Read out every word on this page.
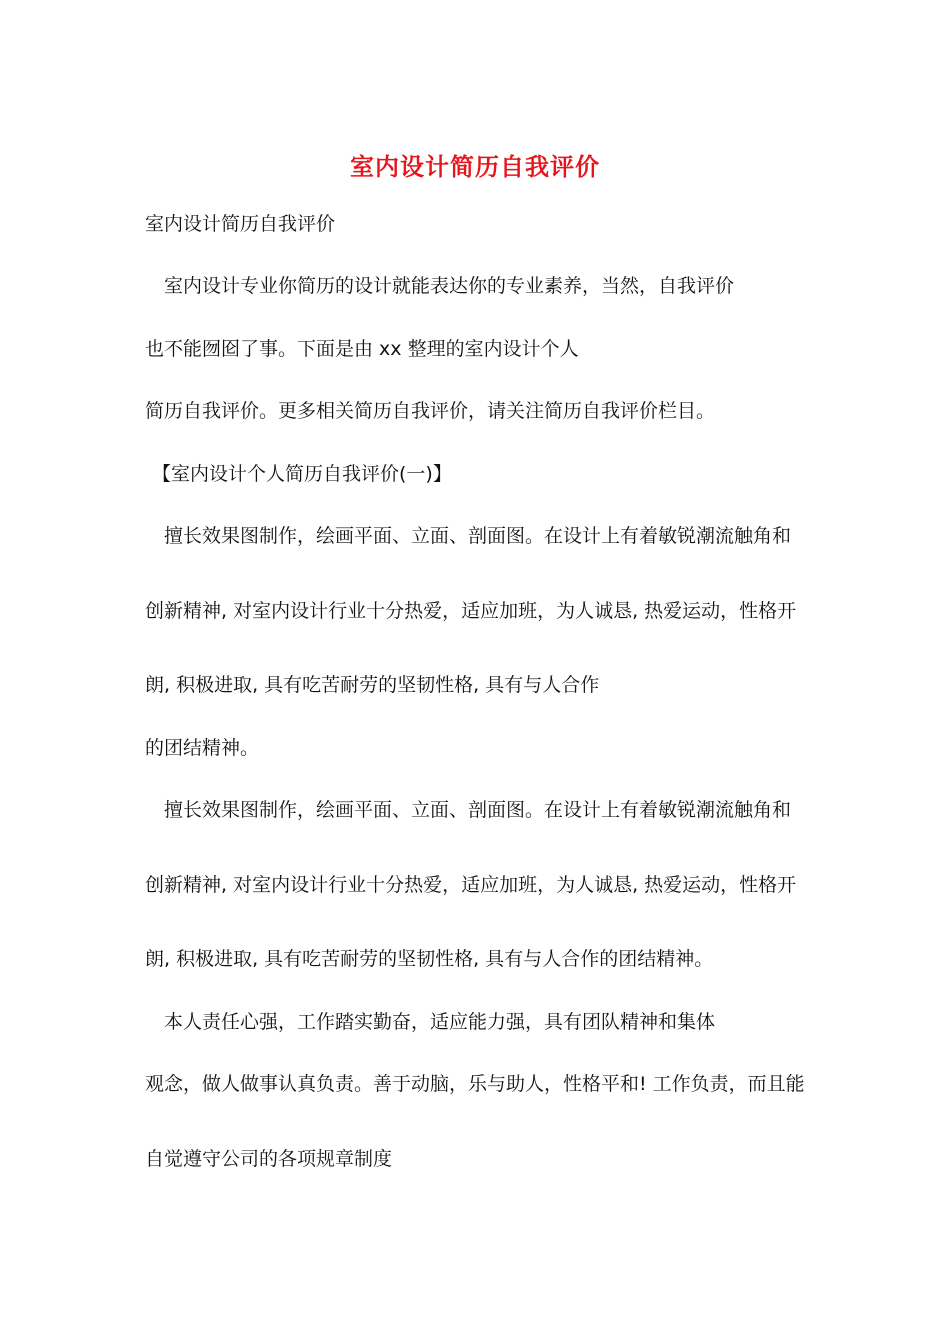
室内设计简历自我评价
室内设计简历自我评价
　室内设计专业你简历的设计就能表达你的专业素养，当然，自我评价
也不能囫囵了事。下面是由 xx 整理的室内设计个人
简历自我评价。更多相关简历自我评价，请关注简历自我评价栏目。
【室内设计个人简历自我评价(一)】
　擅长效果图制作，绘画平面、立面、剖面图。在设计上有着敏锐潮流触角和
创新精神, 对室内设计行业十分热爱，适应加班，为人诚恳, 热爱运动，性格开
朗, 积极进取, 具有吃苦耐劳的坚韧性格, 具有与人合作
的团结精神。
　擅长效果图制作，绘画平面、立面、剖面图。在设计上有着敏锐潮流触角和
创新精神, 对室内设计行业十分热爱，适应加班，为人诚恳, 热爱运动，性格开
朗, 积极进取, 具有吃苦耐劳的坚韧性格, 具有与人合作的团结精神。
　本人责任心强，工作踏实勤奋，适应能力强，具有团队精神和集体
观念，做人做事认真负责。善于动脑，乐与助人，性格平和! 工作负责，而且能
自觉遵守公司的各项规章制度
